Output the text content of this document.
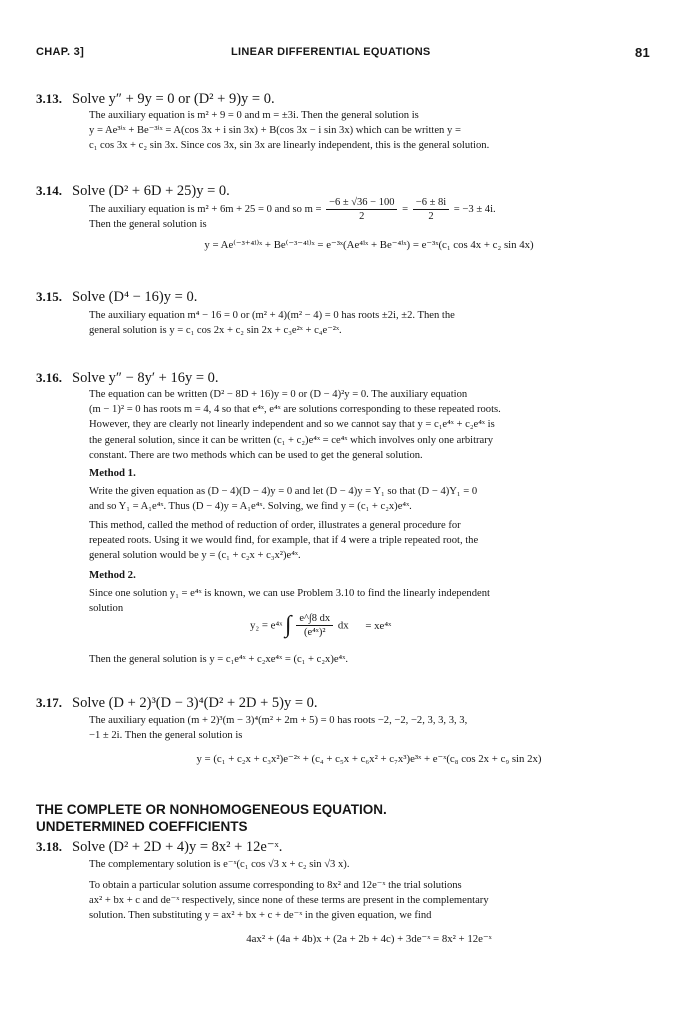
CHAP. 3]	LINEAR DIFFERENTIAL EQUATIONS	81
3.13. Solve y″ + 9y = 0 or (D² + 9)y = 0.
The auxiliary equation is m² + 9 = 0 and m = ±3i. Then the general solution is
y = Ae³ⁱˣ + Be⁻³ⁱˣ = A(cos 3x + i sin 3x) + B(cos 3x − i sin 3x) which can be written y =
c₁ cos 3x + c₂ sin 3x. Since cos 3x, sin 3x are linearly independent, this is the general solution.
3.14. Solve (D² + 6D + 25)y = 0.
The auxiliary equation is m² + 6m + 25 = 0 and so $m = \frac{-6 \pm √36 - 100}{2} = \frac{-6 \pm 8i}{2} = -3 \pm 4i$.
Then the general solution is
y = Ae⁽⁻³⁺⁴ⁱ⁾ˣ + Be⁽⁻³⁻⁴ⁱ⁾ˣ = e⁻³ˣ(Ae⁴ⁱˣ + Be⁻⁴ⁱˣ) = e⁻³ˣ(c₁ cos 4x + c₂ sin 4x)
3.15. Solve (D⁴ − 16)y = 0.
The auxiliary equation m⁴ − 16 = 0 or (m² + 4)(m² − 4) = 0 has roots ±2i, ±2. Then the
general solution is y = c₁ cos 2x + c₂ sin 2x + c₃e²ˣ + c₄e⁻²ˣ.
3.16. Solve y″ − 8y′ + 16y = 0.
The equation can be written (D² − 8D + 16)y = 0 or (D − 4)²y = 0. The auxiliary equation
(m − 1)² = 0 has roots m = 4, 4 so that e⁴ˣ, e⁴ˣ are solutions corresponding to these repeated roots.
However, they are clearly not linearly independent and so we cannot say that y = c₁e⁴ˣ + c₂e⁴ˣ is
the general solution, since it can be written (c₁ + c₂)e⁴ˣ = ce⁴ˣ which involves only one arbitrary
constant. There are two methods which can be used to get the general solution.
Method 1.
Write the given equation as (D − 4)(D − 4)y = 0 and let (D − 4)y = Y₁ so that (D − 4)Y₁ = 0
and so Y₁ = A₁e⁴ˣ. Thus (D − 4)y = A₁e⁴ˣ. Solving, we find y = (c₁ + c₂x)e⁴ˣ.
This method, called the method of reduction of order, illustrates a general procedure for
repeated roots. Using it we would find, for example, that if 4 were a triple repeated root, the
general solution would be y = (c₁ + c₂x + c₃x²)e⁴ˣ.
Method 2.
Since one solution y₁ = e⁴ˣ is known, we can use Problem 3.10 to find the linearly independent
solution
y₂ = e⁴ˣ ∫ $\frac{e\^{}\int 8 dx}{\text{(e⁴ˣ)²}}$ dx = xe⁴ˣ
Then the general solution is y = c₁e⁴ˣ + c₂xe⁴ˣ = (c₁ + c₂x)e⁴ˣ.
3.17. Solve (D + 2)³(D − 3)⁴(D² + 2D + 5)y = 0.
The auxiliary equation (m + 2)³(m − 3)⁴(m² + 2m + 5) = 0 has roots −2, −2, −2, 3, 3, 3, 3,
−1 ± 2i. Then the general solution is
y = (c₁ + c₂x + c₃x²)e⁻²ˣ + (c₄ + c₅x + c₆x² + c₇x³)e³ˣ + e⁻ˣ(c₈ cos 2x + c₉ sin 2x)
THE COMPLETE OR NONHOMOGENEOUS EQUATION.
UNDETERMINED COEFFICIENTS
3.18. Solve (D² + 2D + 4)y = 8x² + 12e⁻ˣ.
The complementary solution is e⁻ˣ(c₁ cos √3 x + c₂ sin √3 x).
To obtain a particular solution assume corresponding to 8x² and 12e⁻ˣ the trial solutions
ax² + bx + c and de⁻ˣ respectively, since none of these terms are present in the complementary
solution. Then substituting y = ax² + bx + c + de⁻ˣ in the given equation, we find
4ax² + (4a + 4b)x + (2a + 2b + 4c) + 3de⁻ˣ = 8x² + 12e⁻ˣ
